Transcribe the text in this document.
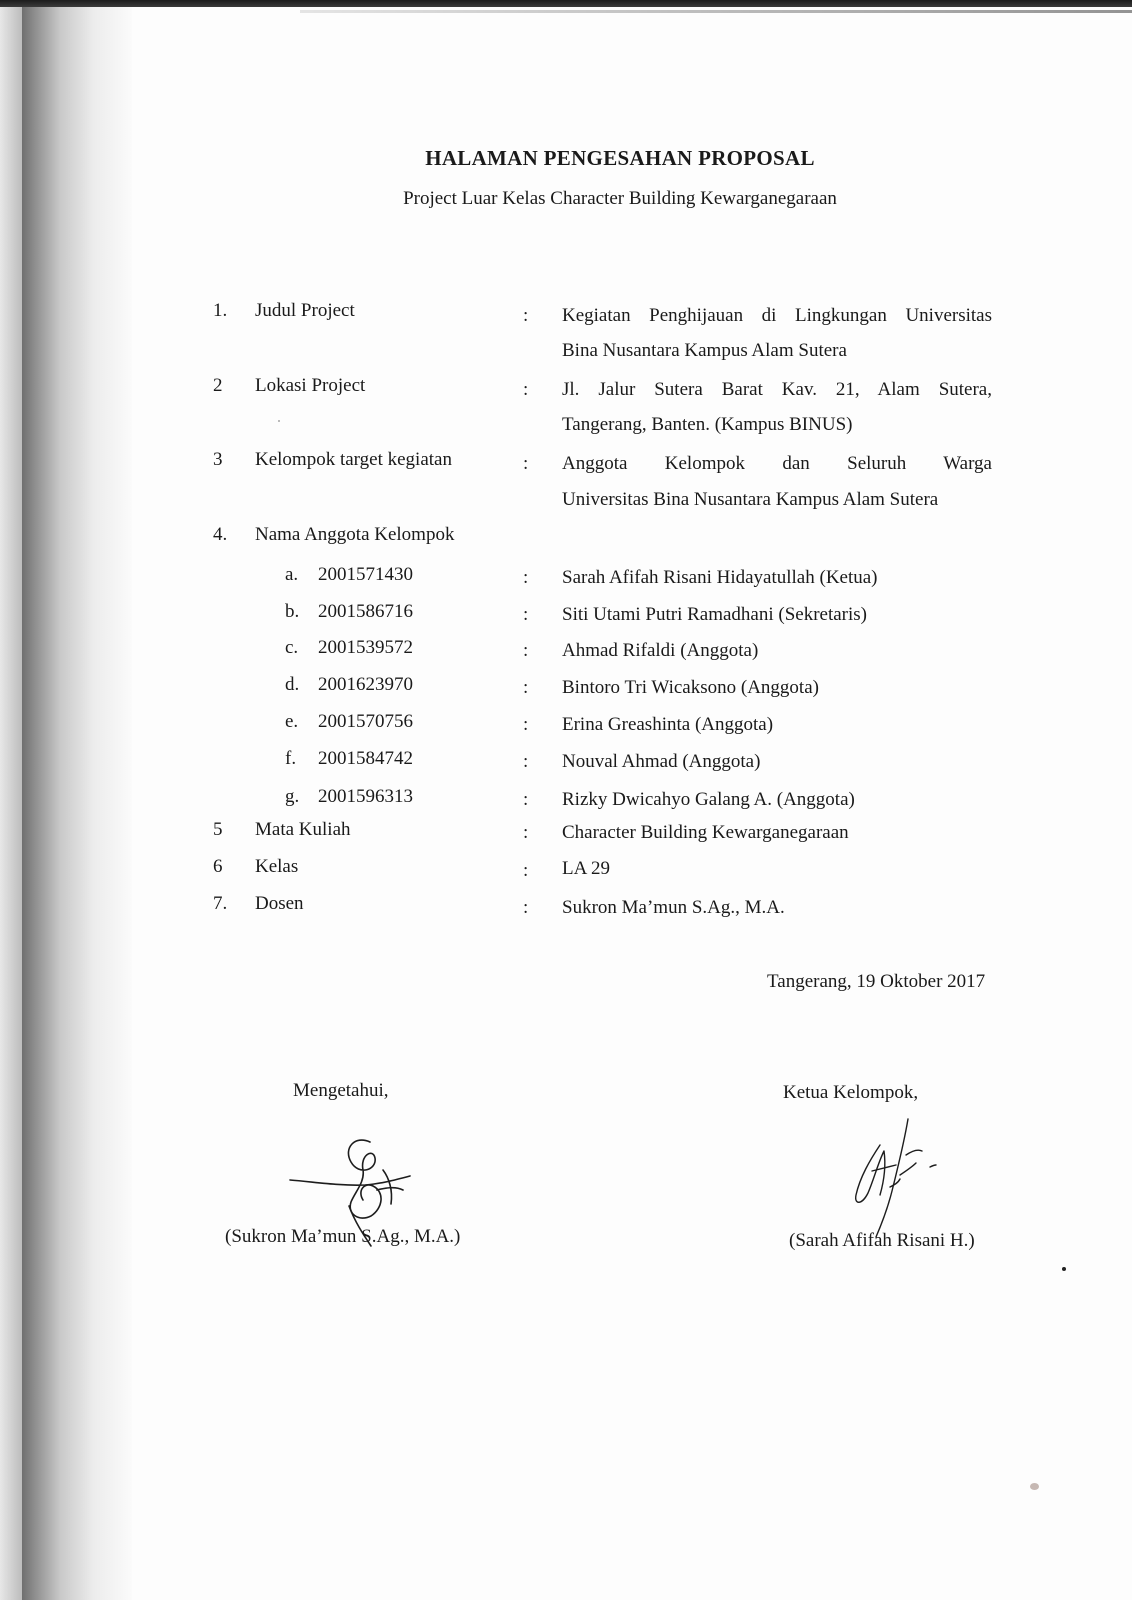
HALAMAN PENGESAHAN PROPOSAL
Project Luar Kelas Character Building Kewarganegaraan
1. Judul Project	: Kegiatan Penghijauan di Lingkungan Universitas
Bina Nusantara Kampus Alam Sutera
2 Lokasi Project	: Jl. Jalur Sutera Barat Kav. 21, Alam Sutera,
Tangerang, Banten. (Kampus BINUS)
3 Kelompok target kegiatan	: Anggota Kelompok dan Seluruh Warga
Universitas Bina Nusantara Kampus Alam Sutera
4. Nama Anggota Kelompok
a. 2001571430	: Sarah Afifah Risani Hidayatullah (Ketua)
b. 2001586716	: Siti Utami Putri Ramadhani (Sekretaris)
c. 2001539572	: Ahmad Rifaldi (Anggota)
d. 2001623970	: Bintoro Tri Wicaksono (Anggota)
e. 2001570756	: Erina Greashinta (Anggota)
f. 2001584742	: Nouval Ahmad (Anggota)
g. 2001596313	: Rizky Dwicahyo Galang A. (Anggota)
5 Mata Kuliah	: Character Building Kewarganegaraan
6 Kelas	: LA 29
7. Dosen	: Sukron Ma’mun S.Ag., M.A.
Tangerang, 19 Oktober 2017
Mengetahui,
(Sukron Ma’mun S.Ag., M.A.)
Ketua Kelompok,
(Sarah Afifah Risani H.)
